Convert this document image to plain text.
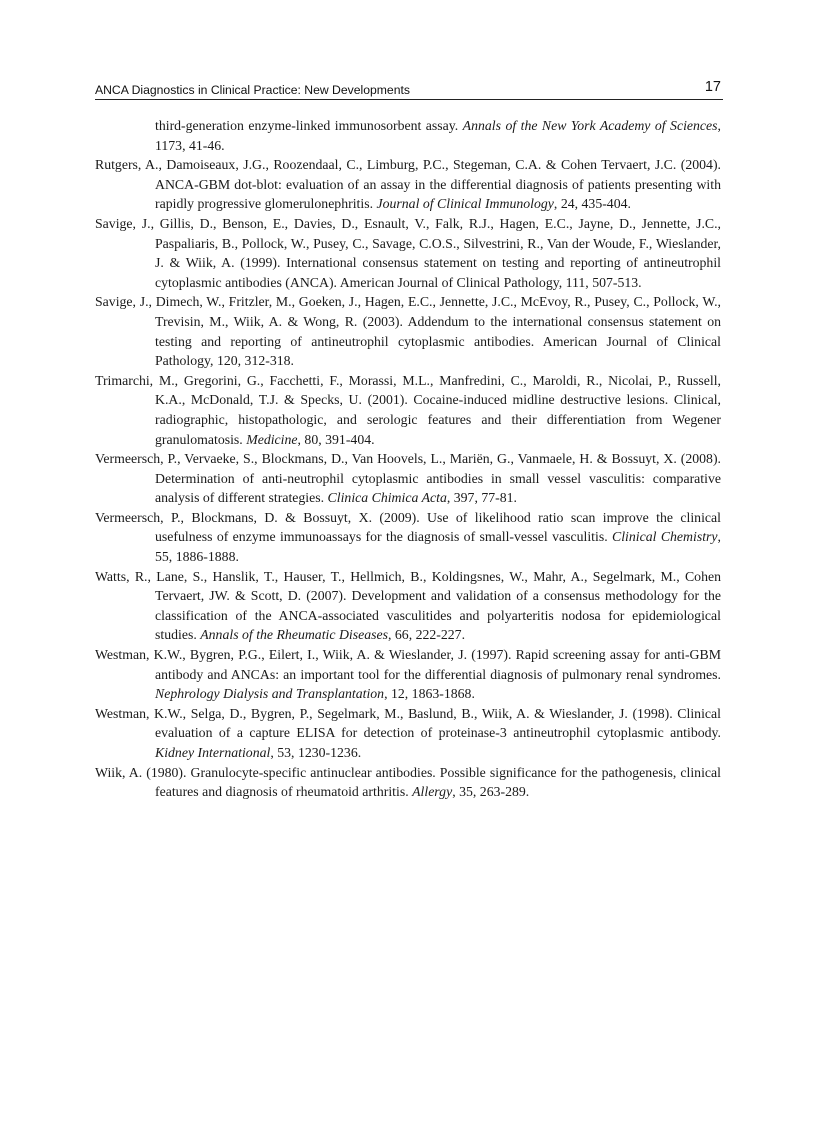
ANCA Diagnostics in Clinical Practice: New Developments	17
third-generation enzyme-linked immunosorbent assay. Annals of the New York Academy of Sciences, 1173, 41-46.
Rutgers, A., Damoiseaux, J.G., Roozendaal, C., Limburg, P.C., Stegeman, C.A. & Cohen Tervaert, J.C. (2004). ANCA-GBM dot-blot: evaluation of an assay in the differential diagnosis of patients presenting with rapidly progressive glomerulonephritis. Journal of Clinical Immunology, 24, 435-404.
Savige, J., Gillis, D., Benson, E., Davies, D., Esnault, V., Falk, R.J., Hagen, E.C., Jayne, D., Jennette, J.C., Paspaliaris, B., Pollock, W., Pusey, C., Savage, C.O.S., Silvestrini, R., Van der Woude, F., Wieslander, J. & Wiik, A. (1999). International consensus statement on testing and reporting of antineutrophil cytoplasmic antibodies (ANCA). American Journal of Clinical Pathology, 111, 507-513.
Savige, J., Dimech, W., Fritzler, M., Goeken, J., Hagen, E.C., Jennette, J.C., McEvoy, R., Pusey, C., Pollock, W., Trevisin, M., Wiik, A. & Wong, R. (2003). Addendum to the international consensus statement on testing and reporting of antineutrophil cytoplasmic antibodies. American Journal of Clinical Pathology, 120, 312-318.
Trimarchi, M., Gregorini, G., Facchetti, F., Morassi, M.L., Manfredini, C., Maroldi, R., Nicolai, P., Russell, K.A., McDonald, T.J. & Specks, U. (2001). Cocaine-induced midline destructive lesions. Clinical, radiographic, histopathologic, and serologic features and their differentiation from Wegener granulomatosis. Medicine, 80, 391-404.
Vermeersch, P., Vervaeke, S., Blockmans, D., Van Hoovels, L., Mariën, G., Vanmaele, H. & Bossuyt, X. (2008). Determination of anti-neutrophil cytoplasmic antibodies in small vessel vasculitis: comparative analysis of different strategies. Clinica Chimica Acta, 397, 77-81.
Vermeersch, P., Blockmans, D. & Bossuyt, X. (2009). Use of likelihood ratio scan improve the clinical usefulness of enzyme immunoassays for the diagnosis of small-vessel vasculitis. Clinical Chemistry, 55, 1886-1888.
Watts, R., Lane, S., Hanslik, T., Hauser, T., Hellmich, B., Koldingsnes, W., Mahr, A., Segelmark, M., Cohen Tervaert, JW. & Scott, D. (2007). Development and validation of a consensus methodology for the classification of the ANCA-associated vasculitides and polyarteritis nodosa for epidemiological studies. Annals of the Rheumatic Diseases, 66, 222-227.
Westman, K.W., Bygren, P.G., Eilert, I., Wiik, A. & Wieslander, J. (1997). Rapid screening assay for anti-GBM antibody and ANCAs: an important tool for the differential diagnosis of pulmonary renal syndromes. Nephrology Dialysis and Transplantation, 12, 1863-1868.
Westman, K.W., Selga, D., Bygren, P., Segelmark, M., Baslund, B., Wiik, A. & Wieslander, J. (1998). Clinical evaluation of a capture ELISA for detection of proteinase-3 antineutrophil cytoplasmic antibody. Kidney International, 53, 1230-1236.
Wiik, A. (1980). Granulocyte-specific antinuclear antibodies. Possible significance for the pathogenesis, clinical features and diagnosis of rheumatoid arthritis. Allergy, 35, 263-289.
